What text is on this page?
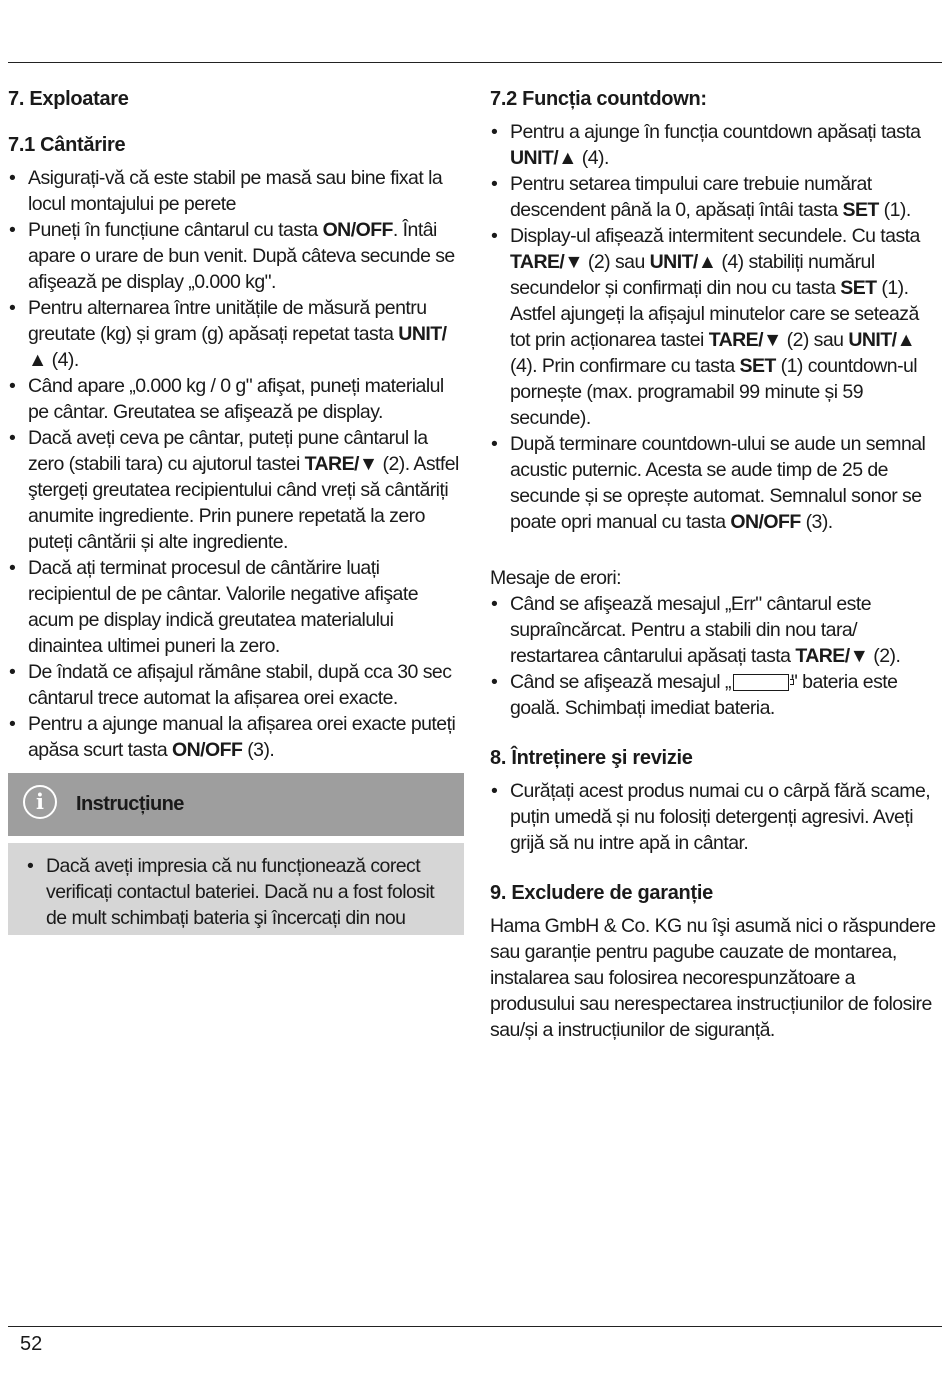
7. Exploatare
7.1 Cântărire
• Asigurați-vă că este stabil pe masă sau bine fixat la locul montajului pe perete
• Puneți în funcțiune cântarul cu tasta ON/OFF. Întâi apare o urare de bun venit. După câteva secunde se afişează pe display „0.000 kg".
• Pentru alternarea între unitățile de măsură pentru greutate (kg) și gram (g) apăsați repetat tasta UNIT/▲ (4).
• Când apare „0.000 kg / 0 g" afişat, puneți materialul pe cântar. Greutatea se afişează pe display.
• Dacă aveți ceva pe cântar, puteți pune cântarul la zero (stabili tara) cu ajutorul tastei TARE/▼ (2). Astfel ştergeți greutatea recipientului când vreți să cântăriți anumite ingrediente. Prin punere repetată la zero puteți cântării și alte ingrediente.
• Dacă ați terminat procesul de cântărire luați recipientul de pe cântar. Valorile negative afişate acum pe display indică greutatea materialului dinaintea ultimei puneri la zero.
• De îndată ce afișajul rămâne stabil, după cca 30 sec cântarul trece automat la afișarea orei exacte.
• Pentru a ajunge manual la afișarea orei exacte puteți apăsa scurt tasta ON/OFF (3).
i	Instrucțiune
• Dacă aveți impresia că nu funcționează corect verificați contactul bateriei. Dacă nu a fost folosit de mult schimbați bateria şi încercați din nou
7.2 Funcția countdown:
• Pentru a ajunge în funcția countdown apăsați tasta UNIT/▲ (4).
• Pentru setarea timpului care trebuie numărat descendent până la 0, apăsați întâi tasta SET (1).
• Display-ul afișează intermitent secundele. Cu tasta TARE/▼ (2) sau UNIT/▲ (4) stabiliți numărul secundelor și confirmați din nou cu tasta SET (1). Astfel ajungeți la afișajul minutelor care se setează tot prin acționarea tastei TARE/▼ (2) sau UNIT/▲ (4). Prin confirmare cu tasta SET (1) countdown-ul pornește (max. programabil 99 minute și 59 secunde).
• După terminare countdown-ului se aude un semnal acustic puternic. Acesta se aude timp de 25 de secunde și se oprește automat. Semnalul sonor se poate opri manual cu tasta ON/OFF (3).
Mesaje de erori:
• Când se afişează mesajul „Err" cântarul este supraîncărcat. Pentru a stabili din nou tara/ restartarea cântarului apăsați tasta TARE/▼ (2).
• Când se afişează mesajul „	" bateria este goală. Schimbați imediat bateria.
8. Întreținere şi revizie
• Curățați acest produs numai cu o cârpă fără scame, puțin umedă și nu folosiți detergenți agresivi. Aveți grijă să nu intre apă in cântar.
9. Excludere de garanție
Hama GmbH & Co. KG nu îşi asumă nici o răspundere sau garanție pentru pagube cauzate de montarea, instalarea sau folosirea necorespunzătoare a produsului sau nerespectarea instrucțiunilor de folosire sau/și a instrucțiunilor de siguranță.
52
